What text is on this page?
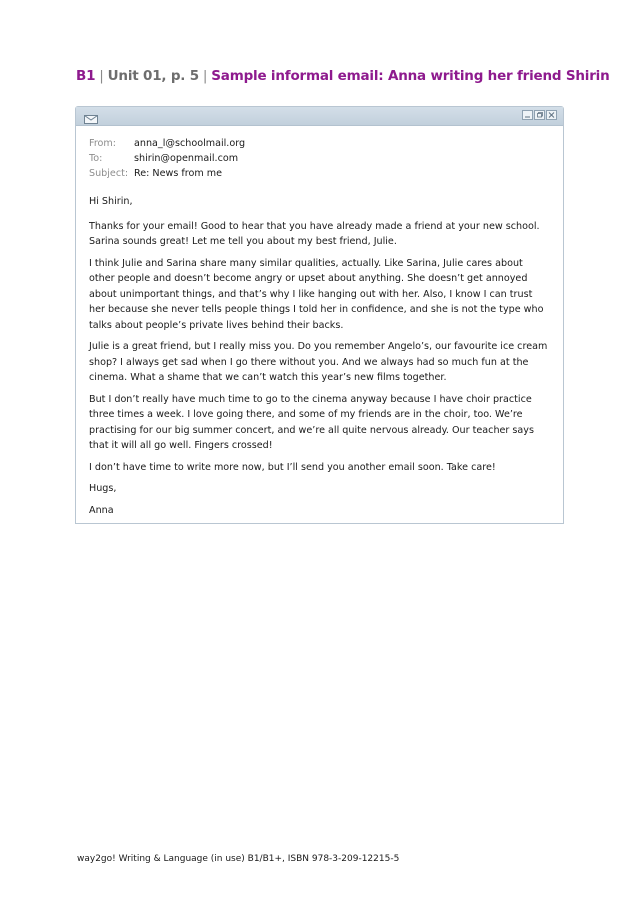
B1 | Unit 01, p. 5 | Sample informal email: Anna writing her friend Shirin
From:	anna_l@schoolmail.org
To:	shirin@openmail.com
Subject: Re: News from me

Hi Shirin,

Thanks for your email! Good to hear that you have already made a friend at your new school. Sarina sounds great! Let me tell you about my best friend, Julie.

I think Julie and Sarina share many similar qualities, actually. Like Sarina, Julie cares about other people and doesn’t become angry or upset about anything. She doesn’t get annoyed about unimportant things, and that’s why I like hanging out with her. Also, I know I can trust her because she never tells people things I told her in confidence, and she is not the type who talks about people’s private lives behind their backs.

Julie is a great friend, but I really miss you. Do you remember Angelo’s, our favourite ice cream shop? I always get sad when I go there without you. And we always had so much fun at the cinema. What a shame that we can’t watch this year’s new films together.

But I don’t really have much time to go to the cinema anyway because I have choir practice three times a week. I love going there, and some of my friends are in the choir, too. We’re practising for our big summer concert, and we’re all quite nervous already. Our teacher says that it will all go well. Fingers crossed!

I don’t have time to write more now, but I’ll send you another email soon. Take care!

Hugs,

Anna

way2go! Writing & Language (in use) B1/B1+, ISBN 978-3-209-12215-5
